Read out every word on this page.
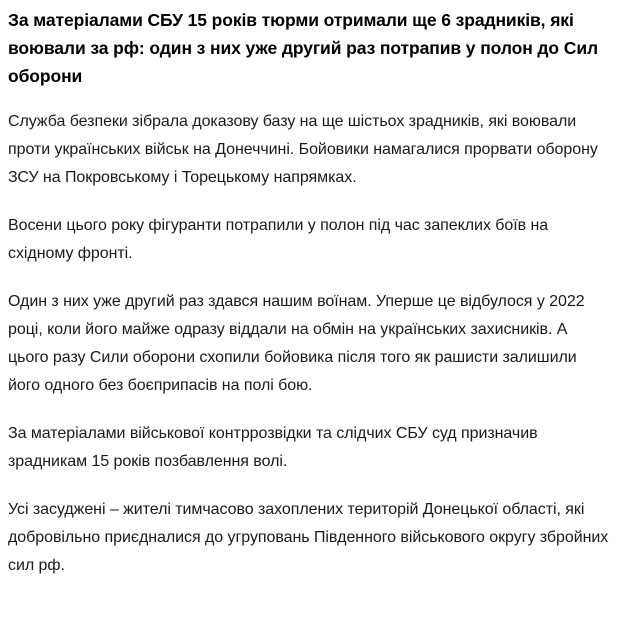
За матеріалами СБУ 15 років тюрми отримали ще 6 зрадників, які воювали за рф: один з них уже другий раз потрапив у полон до Сил оборони

Служба безпеки зібрала доказову базу на ще шістьох зрадників, які воювали проти українських військ на Донеччині. Бойовики намагалися прорвати оборону ЗСУ на Покровському і Торецькому напрямках.

Восени цього року фігуранти потрапили у полон під час запеклих боїв на східному фронті.

Один з них уже другий раз здався нашим воїнам. Уперше це відбулося у 2022 році, коли його майже одразу віддали на обмін на українських захисників. А цього разу Сили оборони схопили бойовика після того як рашисти залишили його одного без боєприпасів на полі бою.

За матеріалами військової контррозвідки та слідчих СБУ суд призначив зрадникам 15 років позбавлення волі.

Усі засуджені – жителі тимчасово захоплених територій Донецької області, які добровільно приєдналися до угруповань Південного військового округу збройних сил рф.
